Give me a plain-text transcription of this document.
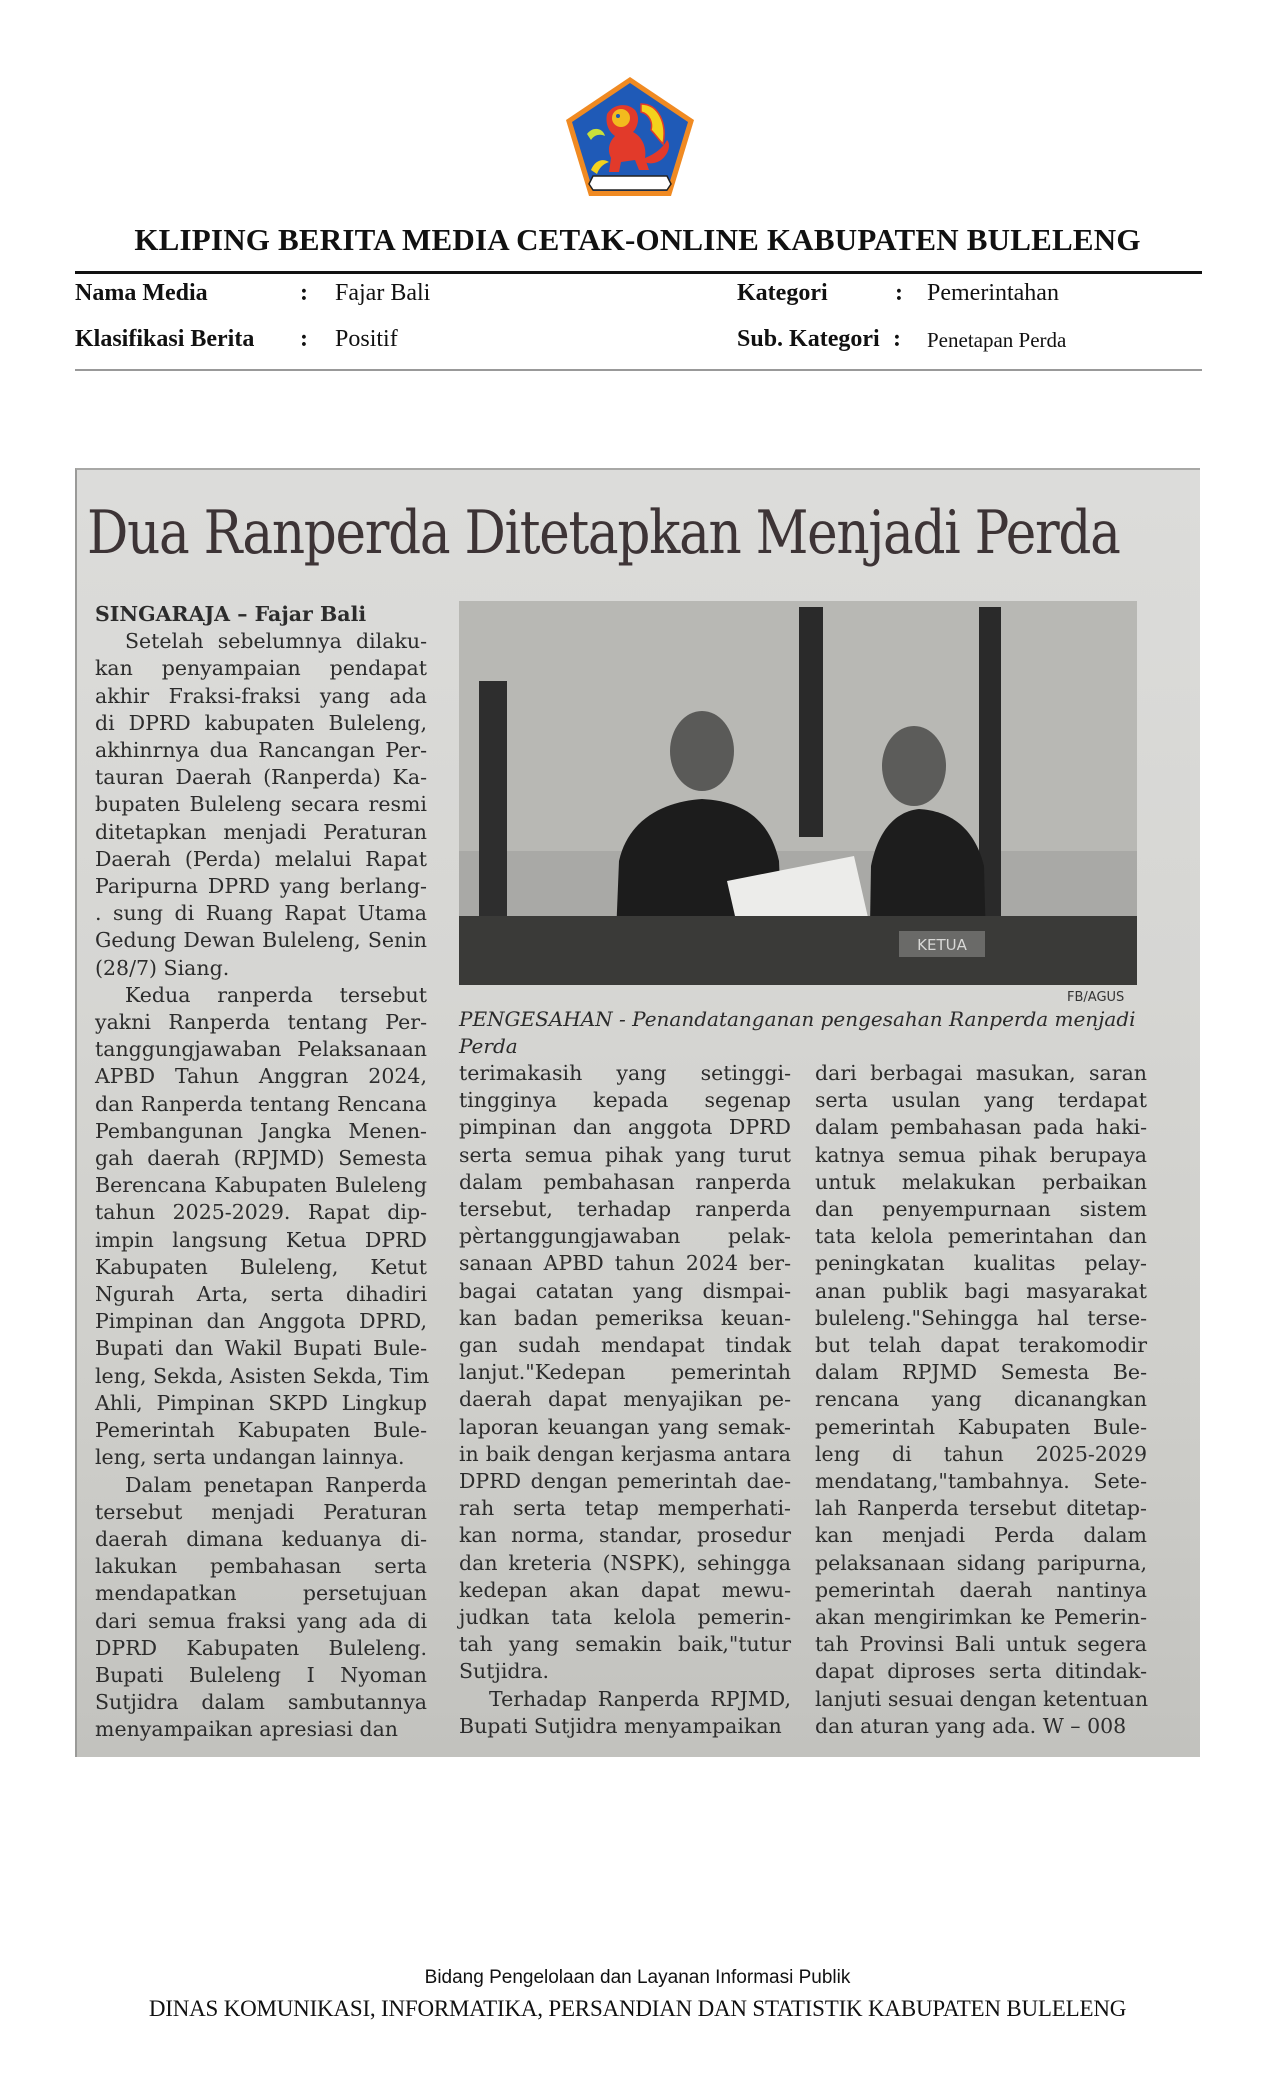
KLIPING BERITA MEDIA CETAK-ONLINE KABUPATEN BULELENG
Nama Media	: Fajar Bali
Klasifikasi Berita : Positif
Kategori	: Pemerintahan
Sub. Kategori : Penetapan Perda
Dua Ranperda Ditetapkan Menjadi Perda
SINGARAJA – Fajar Bali
Setelah sebelumnya dilaku-
kan penyampaian pendapat
akhir Fraksi-fraksi yang ada
di DPRD kabupaten Buleleng,
akhinrnya dua Rancangan Per-
tauran Daerah (Ranperda) Ka-
bupaten Buleleng secara resmi
ditetapkan menjadi Peraturan
Daerah (Perda) melalui Rapat
Paripurna DPRD yang berlang-
. sung di Ruang Rapat Utama
Gedung Dewan Buleleng, Senin
(28/7) Siang.
Kedua ranperda tersebut
yakni Ranperda tentang Per-
tanggungjawaban Pelaksanaan
APBD Tahun Anggran 2024,
dan Ranperda tentang Rencana
Pembangunan Jangka Menen-
gah daerah (RPJMD) Semesta
Berencana Kabupaten Buleleng
tahun 2025-2029. Rapat dip-
impin langsung Ketua DPRD
Kabupaten Buleleng, Ketut
Ngurah Arta, serta dihadiri
Pimpinan dan Anggota DPRD,
Bupati dan Wakil Bupati Bule-
leng, Sekda, Asisten Sekda, Tim
Ahli, Pimpinan SKPD Lingkup
Pemerintah Kabupaten Bule-
leng, serta undangan lainnya.
Dalam penetapan Ranperda
tersebut menjadi Peraturan
daerah dimana keduanya di-
lakukan pembahasan serta
mendapatkan persetujuan
dari semua fraksi yang ada di
DPRD Kabupaten Buleleng.
Bupati Buleleng I Nyoman
Sutjidra dalam sambutannya
menyampaikan apresiasi dan
KETUA
FB/AGUS
PENGESAHAN - Penandatanganan pengesahan Ranperda menjadi
Perda
terimakasih yang setinggi-
tingginya kepada segenap
pimpinan dan anggota DPRD
serta semua pihak yang turut
dalam pembahasan ranperda
tersebut, terhadap ranperda
pèrtanggungjawaban pelak-
sanaan APBD tahun 2024 ber-
bagai catatan yang dismpai-
kan badan pemeriksa keuan-
gan sudah mendapat tindak
lanjut."Kedepan pemerintah
daerah dapat menyajikan pe-
laporan keuangan yang semak-
in baik dengan kerjasma antara
DPRD dengan pemerintah dae-
rah serta tetap memperhati-
kan norma, standar, prosedur
dan kreteria (NSPK), sehingga
kedepan akan dapat mewu-
judkan tata kelola pemerin-
tah yang semakin baik,"tutur
Sutjidra.
Terhadap Ranperda RPJMD,
Bupati Sutjidra menyampaikan
dari berbagai masukan, saran
serta usulan yang terdapat
dalam pembahasan pada haki-
katnya semua pihak berupaya
untuk melakukan perbaikan
dan penyempurnaan sistem
tata kelola pemerintahan dan
peningkatan kualitas pelay-
anan publik bagi masyarakat
buleleng."Sehingga hal terse-
but telah dapat terakomodir
dalam RPJMD Semesta Be-
rencana yang dicanangkan
pemerintah Kabupaten Bule-
leng di tahun 2025-2029
mendatang,"tambahnya. Sete-
lah Ranperda tersebut ditetap-
kan menjadi Perda dalam
pelaksanaan sidang paripurna,
pemerintah daerah nantinya
akan mengirimkan ke Pemerin-
tah Provinsi Bali untuk segera
dapat diproses serta ditindak-
lanjuti sesuai dengan ketentuan
dan aturan yang ada. W – 008
Bidang Pengelolaan dan Layanan Informasi Publik
DINAS KOMUNIKASI, INFORMATIKA, PERSANDIAN DAN STATISTIK KABUPATEN BULELENG
